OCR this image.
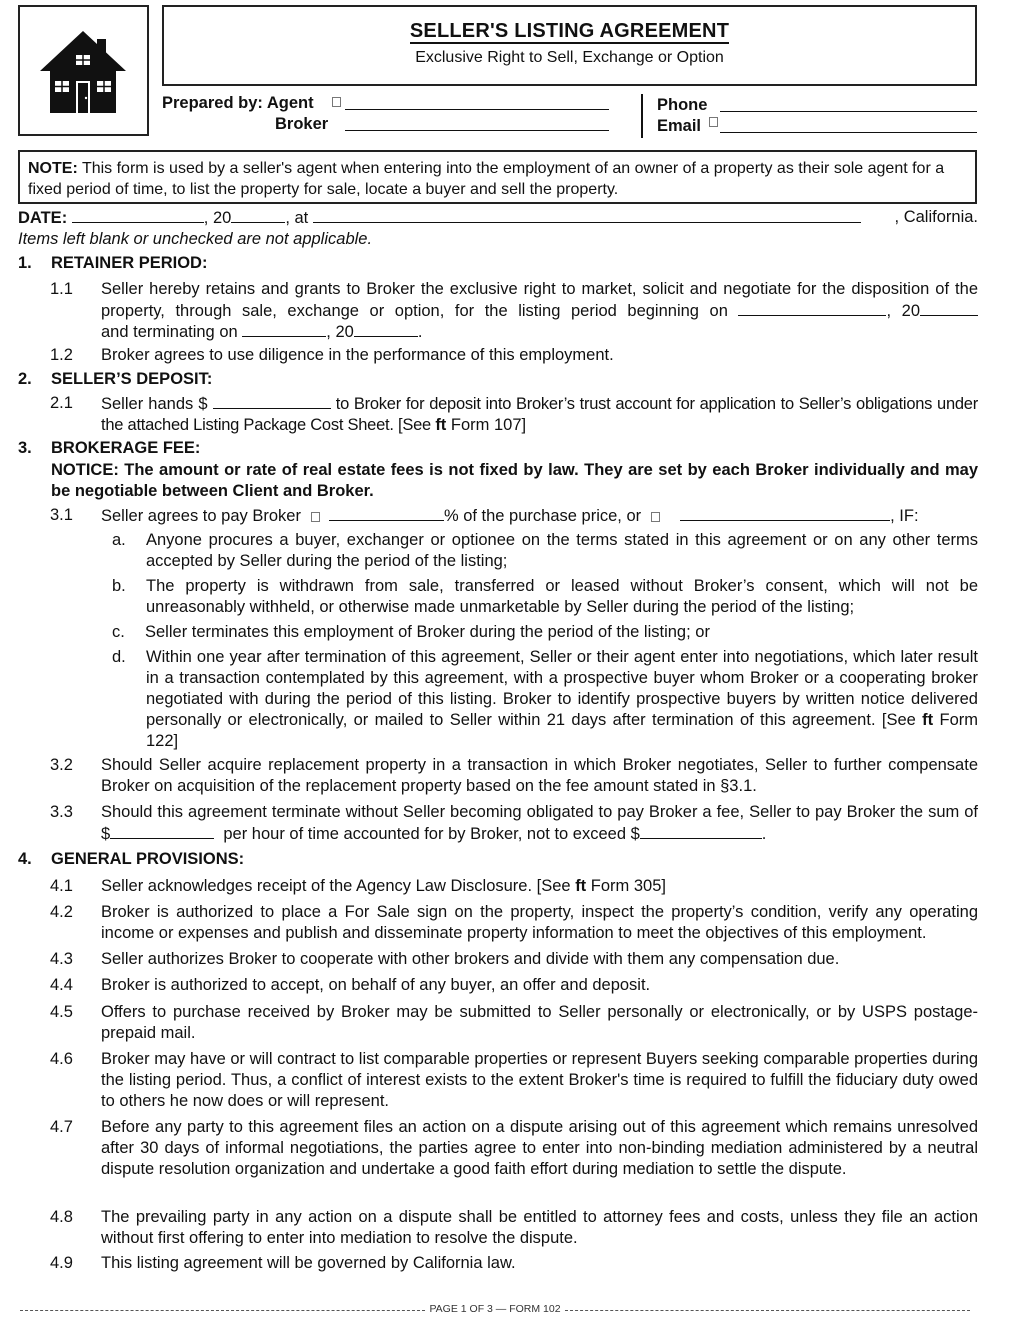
SELLER'S LISTING AGREEMENT
Exclusive Right to Sell, Exchange or Option
Prepared by: Agent
Broker
Phone
Email
NOTE: This form is used by a seller's agent when entering into the employment of an owner of a property as their sole agent for a fixed period of time, to list the property for sale, locate a buyer and sell the property.
DATE:	, 20	, at	, California.
Items left blank or unchecked are not applicable.
1. RETAINER PERIOD:
1.1 Seller hereby retains and grants to Broker the exclusive right to market, solicit and negotiate for the disposition of the property, through sale, exchange or option, for the listing period beginning on	, 20
and terminating on	, 20	.
1.2 Broker agrees to use diligence in the performance of this employment.
2. SELLER’S DEPOSIT:
2.1 Seller hands $	to Broker for deposit into Broker’s trust account for application to Seller’s obligations under the attached Listing Package Cost Sheet. [See ft Form 107]
3. BROKERAGE FEE:
NOTICE: The amount or rate of real estate fees is not fixed by law. They are set by each Broker individually and may be negotiable between Client and Broker.
3.1 Seller agrees to pay Broker	% of the purchase price, or	, IF:
a. Anyone procures a buyer, exchanger or optionee on the terms stated in this agreement or on any other terms accepted by Seller during the period of the listing;
b. The property is withdrawn from sale, transferred or leased without Broker’s consent, which will not be unreasonably withheld, or otherwise made unmarketable by Seller during the period of the listing;
c. Seller terminates this employment of Broker during the period of the listing; or
d. Within one year after termination of this agreement, Seller or their agent enter into negotiations, which later result in a transaction contemplated by this agreement, with a prospective buyer whom Broker or a cooperating broker negotiated with during the period of this listing. Broker to identify prospective buyers by written notice delivered personally or electronically, or mailed to Seller within 21 days after termination of this agreement. [See ft Form 122]
3.2 Should Seller acquire replacement property in a transaction in which Broker negotiates, Seller to further compensate Broker on acquisition of the replacement property based on the fee amount stated in §3.1.
3.3 Should this agreement terminate without Seller becoming obligated to pay Broker a fee, Seller to pay Broker the sum of $	per hour of time accounted for by Broker, not to exceed $	.
4. GENERAL PROVISIONS:
4.1 Seller acknowledges receipt of the Agency Law Disclosure. [See ft Form 305]
4.2 Broker is authorized to place a For Sale sign on the property, inspect the property’s condition, verify any operating income or expenses and publish and disseminate property information to meet the objectives of this employment.
4.3 Seller authorizes Broker to cooperate with other brokers and divide with them any compensation due.
4.4 Broker is authorized to accept, on behalf of any buyer, an offer and deposit.
4.5 Offers to purchase received by Broker may be submitted to Seller personally or electronically, or by USPS postage-prepaid mail.
4.6 Broker may have or will contract to list comparable properties or represent Buyers seeking comparable properties during the listing period. Thus, a conflict of interest exists to the extent Broker's time is required to fulfill the fiduciary duty owed to others he now does or will represent.
4.7 Before any party to this agreement files an action on a dispute arising out of this agreement which remains unresolved after 30 days of informal negotiations, the parties agree to enter into non-binding mediation administered by a neutral dispute resolution organization and undertake a good faith effort during mediation to settle the dispute.
4.8 The prevailing party in any action on a dispute shall be entitled to attorney fees and costs, unless they file an action without first offering to enter into mediation to resolve the dispute.
4.9 This listing agreement will be governed by California law.
PAGE 1 OF 3 — FORM 102
